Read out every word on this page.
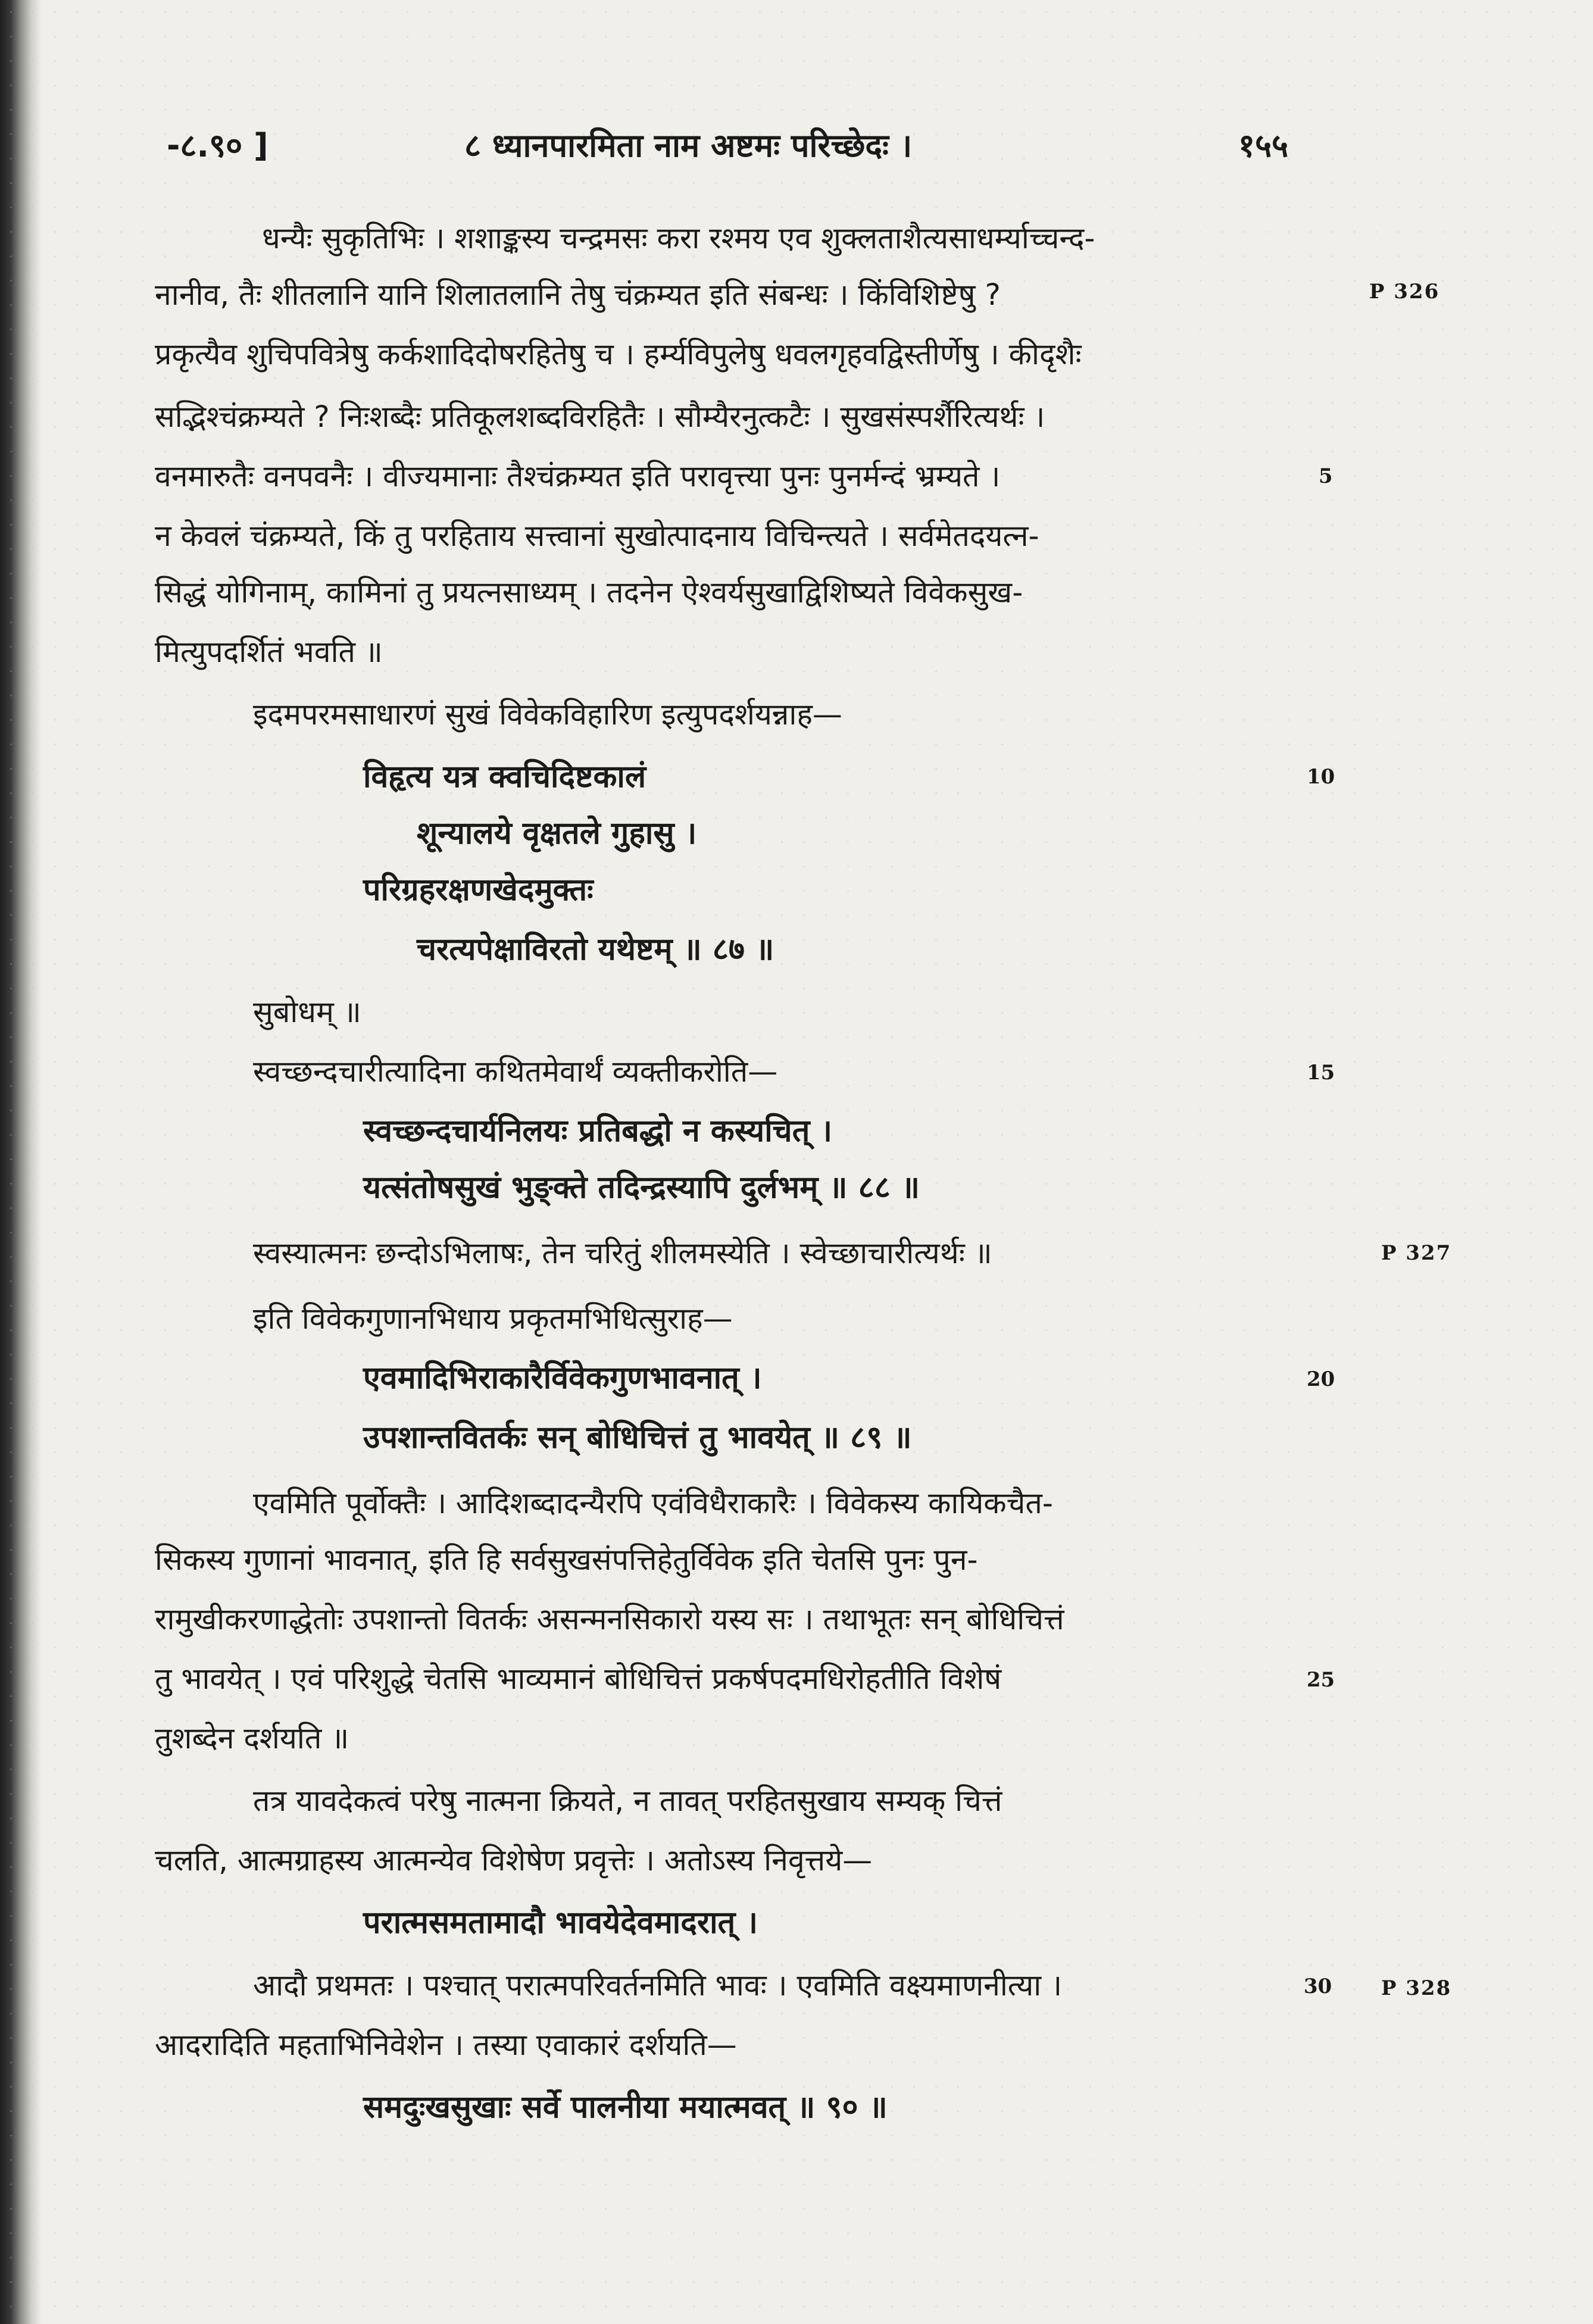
-८.९० ]	८ ध्यानपारमिता नाम अष्टमः परिच्छेदः ।	१५५
धन्यैः सुकृतिभिः । शशाङ्कस्य चन्द्रमसः करा रश्मय एव शुक्लताशैत्यसाधर्म्याच्चन्द-
नानीव, तैः शीतलानि यानि शिलातलानि तेषु चंक्रम्यत इति संबन्धः । किंविशिष्टेषु ?
प्रकृत्यैव शुचिपवित्रेषु कर्कशादिदोषरहितेषु च । हर्म्यविपुलेषु धवलगृहवद्विस्तीर्णेषु । कीदृशैः
सद्भिश्चंक्रम्यते ? निःशब्दैः प्रतिकूलशब्दविरहितैः । सौम्यैरनुत्कटैः । सुखसंस्पर्शैरित्यर्थः ।
वनमारुतैः वनपवनैः । वीज्यमानाः तैश्चंक्रम्यत इति परावृत्त्या पुनः पुनर्मन्दं भ्रम्यते ।
न केवलं चंक्रम्यते, किं तु परहिताय सत्त्वानां सुखोत्पादनाय विचिन्त्यते । सर्वमेतदयत्न-
सिद्धं योगिनाम्, कामिनां तु प्रयत्नसाध्यम् । तदनेन ऐश्वर्यसुखाद्विशिष्यते विवेकसुख-
मित्युपदर्शितं भवति ॥
इदमपरमसाधारणं सुखं विवेकविहारिण इत्युपदर्शयन्नाह—
विहृत्य यत्र क्वचिदिष्टकालं
शून्यालये वृक्षतले गुहासु ।
परिग्रहरक्षणखेदमुक्तः
चरत्यपेक्षाविरतो यथेष्टम् ॥ ८७ ॥
सुबोधम् ॥
स्वच्छन्दचारीत्यादिना कथितमेवार्थं व्यक्तीकरोति—
स्वच्छन्दचार्यनिलयः प्रतिबद्धो न कस्यचित् ।
यत्संतोषसुखं भुङ्क्ते तदिन्द्रस्यापि दुर्लभम् ॥ ८८ ॥
स्वस्यात्मनः छन्दोऽभिलाषः, तेन चरितुं शीलमस्येति । स्वेच्छाचारीत्यर्थः ॥
इति विवेकगुणानभिधाय प्रकृतमभिधित्सुराह—
एवमादिभिराकारैर्विवेकगुणभावनात् ।
उपशान्तवितर्कः सन् बोधिचित्तं तु भावयेत् ॥ ८९ ॥
एवमिति पूर्वोक्तैः । आदिशब्दादन्यैरपि एवंविधैराकारैः । विवेकस्य कायिकचैत-
सिकस्य गुणानां भावनात्, इति हि सर्वसुखसंपत्तिहेतुर्विवेक इति चेतसि पुनः पुन-
रामुखीकरणाद्धेतोः उपशान्तो वितर्कः असन्मनसिकारो यस्य सः । तथाभूतः सन् बोधिचित्तं
तु भावयेत् । एवं परिशुद्धे चेतसि भाव्यमानं बोधिचित्तं प्रकर्षपदमधिरोहतीति विशेषं
तुशब्देन दर्शयति ॥
तत्र यावदेकत्वं परेषु नात्मना क्रियते, न तावत् परहितसुखाय सम्यक् चित्तं
चलति, आत्मग्राहस्य आत्मन्येव विशेषेण प्रवृत्तेः । अतोऽस्य निवृत्तये—
परात्मसमतामादौ भावयेदेवमादरात् ।
आदौ प्रथमतः । पश्चात् परात्मपरिवर्तनमिति भावः । एवमिति वक्ष्यमाणनीत्या ।
आदरादिति महताभिनिवेशेन । तस्या एवाकारं दर्शयति—
समदुःखसुखाः सर्वे पालनीया मयात्मवत् ॥ ९० ॥
5
10
15
20
25
30
P 326
P 327
P 328
